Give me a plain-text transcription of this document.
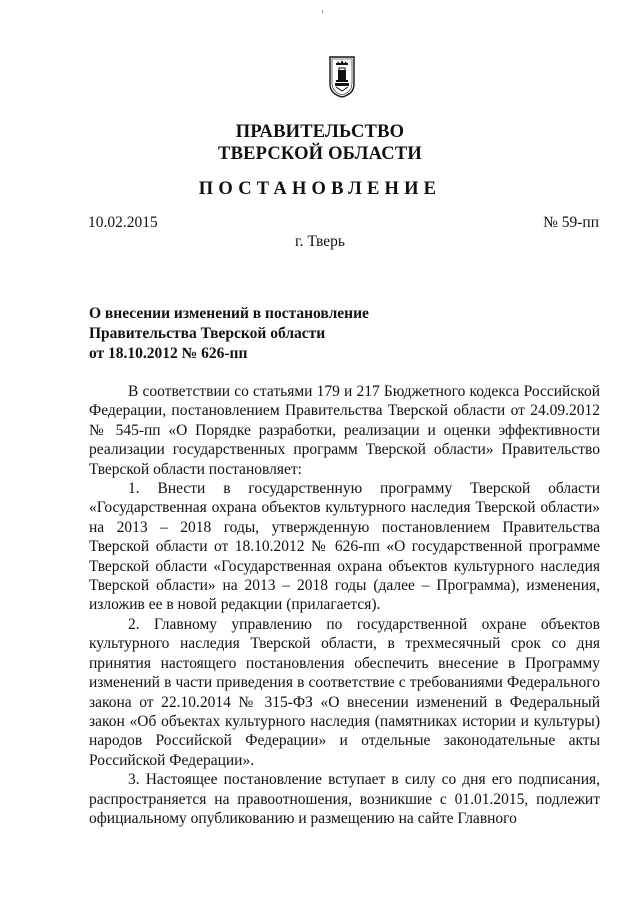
ПРАВИТЕЛЬСТВО
ТВЕРСКОЙ ОБЛАСТИ
ПОСТАНОВЛЕНИЕ
10.02.2015	№ 59-пп
г. Тверь
О внесении изменений в постановление
Правительства Тверской области
от 18.10.2012 № 626-пп

В соответствии со статьями 179 и 217 Бюджетного кодекса Российской Федерации, постановлением Правительства Тверской области от 24.09.2012 № 545-пп «О Порядке разработки, реализации и оценки эффективности реализации государственных программ Тверской области» Правительство Тверской области постановляет:

1. Внести в государственную программу Тверской области «Государственная охрана объектов культурного наследия Тверской области» на 2013 – 2018 годы, утвержденную постановлением Правительства Тверской области от 18.10.2012 № 626-пп «О государственной программе Тверской области «Государственная охрана объектов культурного наследия Тверской области» на 2013 – 2018 годы (далее – Программа), изменения, изложив ее в новой редакции (прилагается).

2. Главному управлению по государственной охране объектов культурного наследия Тверской области, в трехмесячный срок со дня принятия настоящего постановления обеспечить внесение в Программу изменений в части приведения в соответствие с требованиями Федерального закона от 22.10.2014 № 315-ФЗ «О внесении изменений в Федеральный закон «Об объектах культурного наследия (памятниках истории и культуры) народов Российской Федерации» и отдельные законодательные акты Российской Федерации».

3. Настоящее постановление вступает в силу со дня его подписания, распространяется на правоотношения, возникшие с 01.01.2015, подлежит официальному опубликованию и размещению на сайте Главного
